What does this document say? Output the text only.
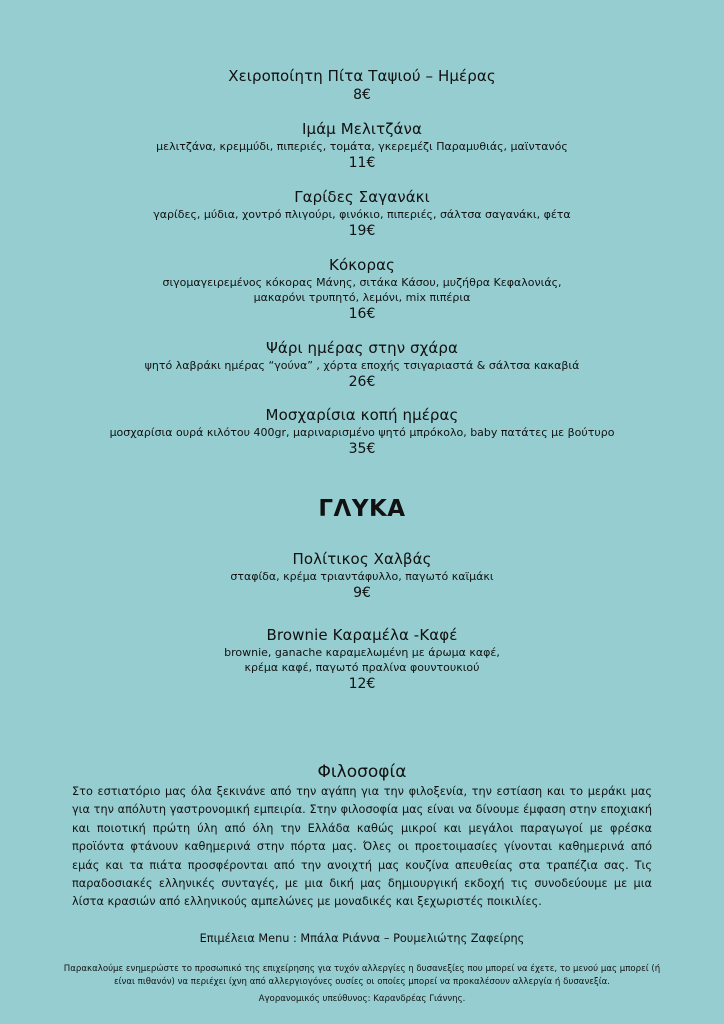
Χειροποίητη Πίτα Ταψιού – Ημέρας
8€
Ιμάμ Μελιτζάνα
μελιτζάνα, κρεμμύδι, πιπεριές, τομάτα, γκερεμέζι Παραμυθιάς, μαϊντανός
11€
Γαρίδες Σαγανάκι
γαρίδες, μύδια, χοντρό πλιγούρι, φινόκιο, πιπεριές, σάλτσα σαγανάκι, φέτα
19€
Κόκορας
σιγομαγειρεμένος κόκορας Μάνης, σιτάκα Κάσου, μυζήθρα Κεφαλονιάς,
μακαρόνι τρυπητό, λεμόνι, mix πιπέρια
16€
Ψάρι ημέρας στην σχάρα
ψητό λαβράκι ημέρας “γούνα” , χόρτα εποχής τσιγαριαστά & σάλτσα κακαβιά
26€
Μοσχαρίσια κοπή ημέρας
μοσχαρίσια ουρά κιλότου 400gr, μαριναρισμένο ψητό μπρόκολο, baby πατάτες με βούτυρο
35€
ΓΛΥΚΑ
Πολίτικος Χαλβάς
σταφίδα, κρέμα τριαντάφυλλο, παγωτό καϊμάκι
9€
Brownie Καραμέλα -Καφέ
brownie, ganache καραμελωμένη με άρωμα καφέ,
κρέμα καφέ, παγωτό πραλίνα φουντουκιού
12€
Φιλοσοφία
Στο εστιατόριο μας όλα ξεκινάνε από την αγάπη για την φιλοξενία, την εστίαση και το μεράκι μας για την απόλυτη γαστρονομική εμπειρία. Στην φιλοσοφία μας είναι να δίνουμε έμφαση στην εποχιακή και ποιοτική πρώτη ύλη από όλη την Ελλάδα καθώς μικροί και μεγάλοι παραγωγοί με φρέσκα προϊόντα φτάνουν καθημερινά στην πόρτα μας. Όλες οι προετοιμασίες γίνονται καθημερινά από εμάς και τα πιάτα προσφέρονται από την ανοιχτή μας κουζίνα απευθείας στα τραπέζια σας. Τις παραδοσιακές ελληνικές συνταγές, με μια δική μας δημιουργική εκδοχή τις συνοδεύουμε με μια λίστα κρασιών από ελληνικούς αμπελώνες με μοναδικές και ξεχωριστές ποικιλίες.
Επιμέλεια Menu : Μπάλα Ριάννα – Ρουμελιώτης Ζαφείρης
Παρακαλούμε ενημερώστε το προσωπικό της επιχείρησης για τυχόν αλλεργίες η δυσανεξίες που μπορεί να έχετε, το μενού μας μπορεί (ή είναι πιθανόν) να περιέχει ίχνη από αλλεργιογόνες ουσίες οι οποίες μπορεί να προκαλέσουν αλλεργία ή δυσανεξία.
Αγορανομικός υπεύθυνος: Καρανδρέας Γιάννης.
